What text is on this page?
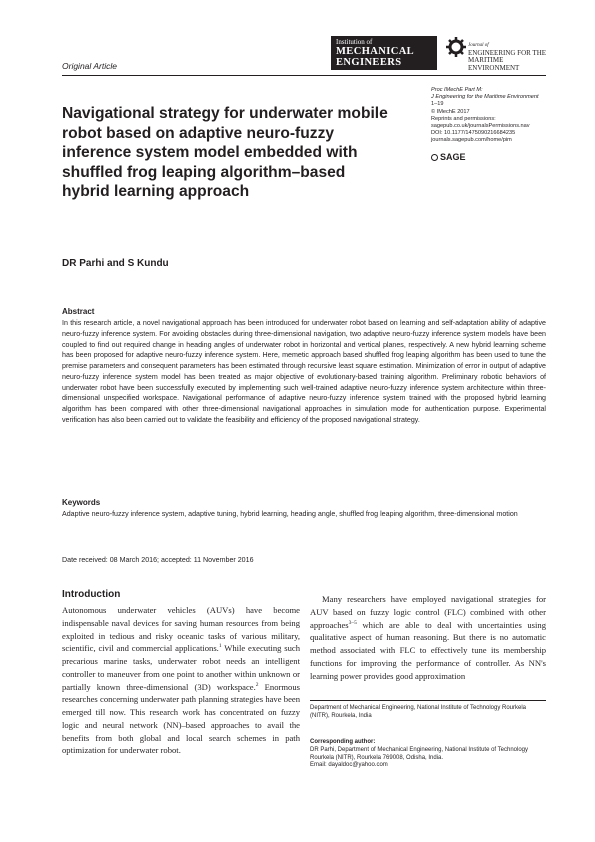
Original Article
Institution of
MECHANICAL
ENGINEERS
Journal of
ENGINEERING FOR THE
MARITIME ENVIRONMENT
Proc IMechE Part M:
J Engineering for the Maritime Environment
1–19
© IMechE 2017
Reprints and permissions:
sagepub.co.uk/journalsPermissions.nav
DOI: 10.1177/1475090216684235
journals.sagepub.com/home/pim
SAGE
Navigational strategy for underwater mobile robot based on adaptive neuro-fuzzy inference system model embedded with shuffled frog leaping algorithm–based hybrid learning approach
DR Parhi and S Kundu
Abstract

In this research article, a novel navigational approach has been introduced for underwater robot based on learning and self-adaptation ability of adaptive neuro-fuzzy inference system. For avoiding obstacles during three-dimensional navigation, two adaptive neuro-fuzzy inference system models have been coupled to find out required change in heading angles of underwater robot in horizontal and vertical planes, respectively. A new hybrid learning scheme has been proposed for adaptive neuro-fuzzy inference system. Here, memetic approach based shuffled frog leaping algorithm has been used to tune the premise parameters and consequent parameters has been estimated through recursive least square estimation. Minimization of error in output of adaptive neuro-fuzzy inference system model has been treated as major objective of evolutionary-based training algorithm. Preliminary robotic behaviors of underwater robot have been successfully executed by implementing such well-trained adaptive neuro-fuzzy inference system architecture within three-dimensional unspecified workspace. Navigational performance of adaptive neuro-fuzzy inference system trained with the proposed hybrid learning algorithm has been compared with other three-dimensional navigational approaches in simulation mode for authentication purpose. Experimental verification has also been carried out to validate the feasibility and efficiency of the proposed navigational strategy.

Keywords

Adaptive neuro-fuzzy inference system, adaptive tuning, hybrid learning, heading angle, shuffled frog leaping algorithm, three-dimensional motion

Date received: 08 March 2016; accepted: 11 November 2016
Introduction

Autonomous underwater vehicles (AUVs) have become indispensable naval devices for saving human resources from being exploited in tedious and risky oceanic tasks of various military, scientific, civil and commercial applications.$^1$ While executing such precarious marine tasks, underwater robot needs an intelligent controller to maneuver from one point to another within unknown or partially known three-dimensional (3D) workspace.$^2$ Enormous researches concerning underwater path planning strategies have been emerged till now. This research work has concentrated on fuzzy logic and neural network (NN)–based approaches to avail the benefits from both global and local search schemes in path optimization for underwater robot.

Many researchers have employed navigational strategies for AUV based on fuzzy logic control (FLC) combined with other approaches$^{3-5}$ which are able to deal with uncertainties using qualitative aspect of human reasoning. But there is no automatic method associated with FLC to effectively tune its membership functions for improving the performance of controller. As NN's learning power provides good approximation

Department of Mechanical Engineering, National Institute of Technology Rourkela (NITR), Rourkela, India
Corresponding author:
DR Parhi, Department of Mechanical Engineering, National Institute of Technology Rourkela (NITR), Rourkela 769008, Odisha, India.
Email: dayaldoc@yahoo.com
